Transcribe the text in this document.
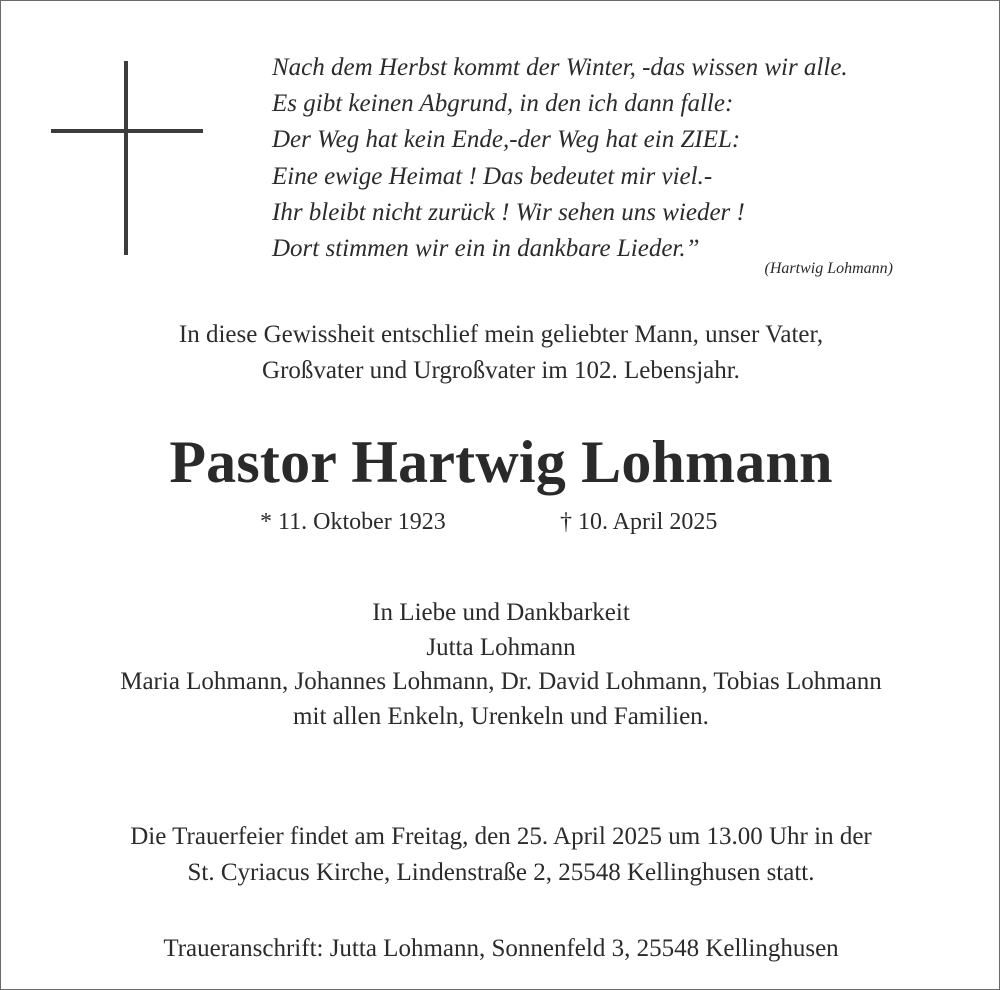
Nach dem Herbst kommt der Winter, -das wissen wir alle.
Es gibt keinen Abgrund, in den ich dann falle:
Der Weg hat kein Ende,-der Weg hat ein ZIEL:
Eine ewige Heimat ! Das bedeutet mir viel.-
Ihr bleibt nicht zurück ! Wir sehen uns wieder !
Dort stimmen wir ein in dankbare Lieder.”
(Hartwig Lohmann)
In diese Gewissheit entschlief mein geliebter Mann, unser Vater,
Großvater und Urgroßvater im 102. Lebensjahr.
Pastor Hartwig Lohmann
* 11. Oktober 1923	† 10. April 2025
In Liebe und Dankbarkeit
Jutta Lohmann
Maria Lohmann, Johannes Lohmann, Dr. David Lohmann, Tobias Lohmann
mit allen Enkeln, Urenkeln und Familien.
Die Trauerfeier findet am Freitag, den 25. April 2025 um 13.00 Uhr in der
St. Cyriacus Kirche, Lindenstraße 2, 25548 Kellinghusen statt.
Traueranschrift: Jutta Lohmann, Sonnenfeld 3, 25548 Kellinghusen
